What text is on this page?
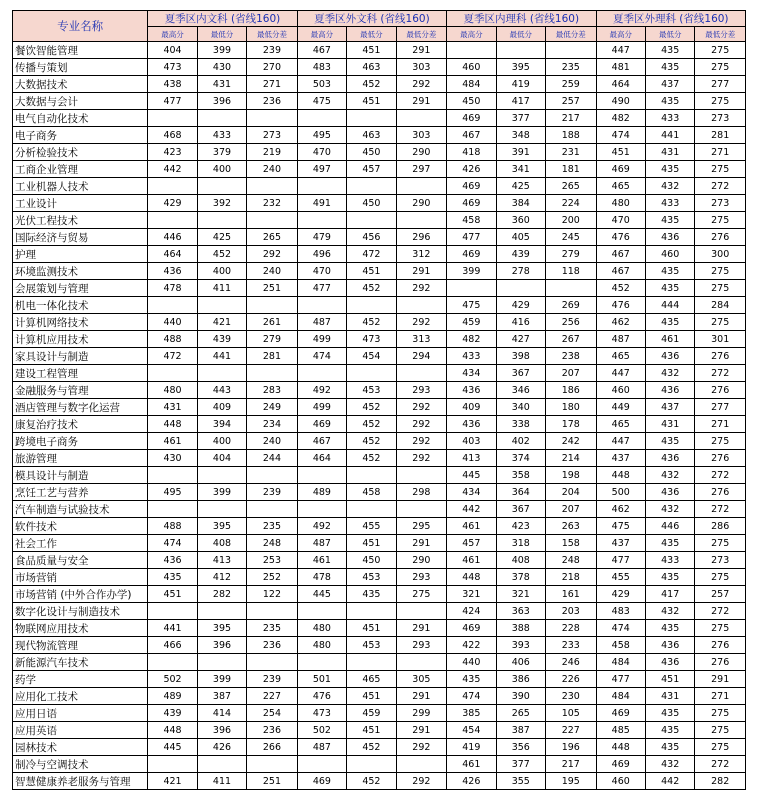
专业名称	夏季区内文科 (省线160)			夏季区外文科 (省线160)			夏季区内理科 (省线160)			夏季区外理科 (省线160)		
	最高分	最低分	最低分差	最高分	最低分	最低分差	最高分	最低分	最低分差	最高分	最低分	最低分差
餐饮智能管理	404	399	239	467	451	291				447	435	275
传播与策划	473	430	270	483	463	303	460	395	235	481	435	275
大数据技术	438	431	271	503	452	292	484	419	259	464	437	277
大数据与会计	477	396	236	475	451	291	450	417	257	490	435	275
电气自动化技术							469	377	217	482	433	273
电子商务	468	433	273	495	463	303	467	348	188	474	441	281
分析检验技术	423	379	219	470	450	290	418	391	231	451	431	271
工商企业管理	442	400	240	497	457	297	426	341	181	469	435	275
工业机器人技术							469	425	265	465	432	272
工业设计	429	392	232	491	450	290	469	384	224	480	433	273
光伏工程技术							458	360	200	470	435	275
国际经济与贸易	446	425	265	479	456	296	477	405	245	476	436	276
护理	464	452	292	496	472	312	469	439	279	467	460	300
环境监测技术	436	400	240	470	451	291	399	278	118	467	435	275
会展策划与管理	478	411	251	477	452	292				452	435	275
机电一体化技术							475	429	269	476	444	284
计算机网络技术	440	421	261	487	452	292	459	416	256	462	435	275
计算机应用技术	488	439	279	499	473	313	482	427	267	487	461	301
家具设计与制造	472	441	281	474	454	294	433	398	238	465	436	276
建设工程管理							434	367	207	447	432	272
金融服务与管理	480	443	283	492	453	293	436	346	186	460	436	276
酒店管理与数字化运营	431	409	249	499	452	292	409	340	180	449	437	277
康复治疗技术	448	394	234	469	452	292	436	338	178	465	431	271
跨境电子商务	461	400	240	467	452	292	403	402	242	447	435	275
旅游管理	430	404	244	464	452	292	413	374	214	437	436	276
模具设计与制造							445	358	198	448	432	272
烹饪工艺与营养	495	399	239	489	458	298	434	364	204	500	436	276
汽车制造与试验技术							442	367	207	462	432	272
软件技术	488	395	235	492	455	295	461	423	263	475	446	286
社会工作	474	408	248	487	451	291	457	318	158	437	435	275
食品质量与安全	436	413	253	461	450	290	461	408	248	477	433	273
市场营销	435	412	252	478	453	293	448	378	218	455	435	275
市场营销 (中外合作办学)	451	282	122	445	435	275	321	321	161	429	417	257
数字化设计与制造技术							424	363	203	483	432	272
物联网应用技术	441	395	235	480	451	291	469	388	228	474	435	275
现代物流管理	466	396	236	480	453	293	422	393	233	458	436	276
新能源汽车技术							440	406	246	484	436	276
药学	502	399	239	501	465	305	435	386	226	477	451	291
应用化工技术	489	387	227	476	451	291	474	390	230	484	431	271
应用日语	439	414	254	473	459	299	385	265	105	469	435	275
应用英语	448	396	236	502	451	291	454	387	227	485	435	275
园林技术	445	426	266	487	452	292	419	356	196	448	435	275
制冷与空调技术							461	377	217	469	432	272
智慧健康养老服务与管理	421	411	251	469	452	292	426	355	195	460	442	282
